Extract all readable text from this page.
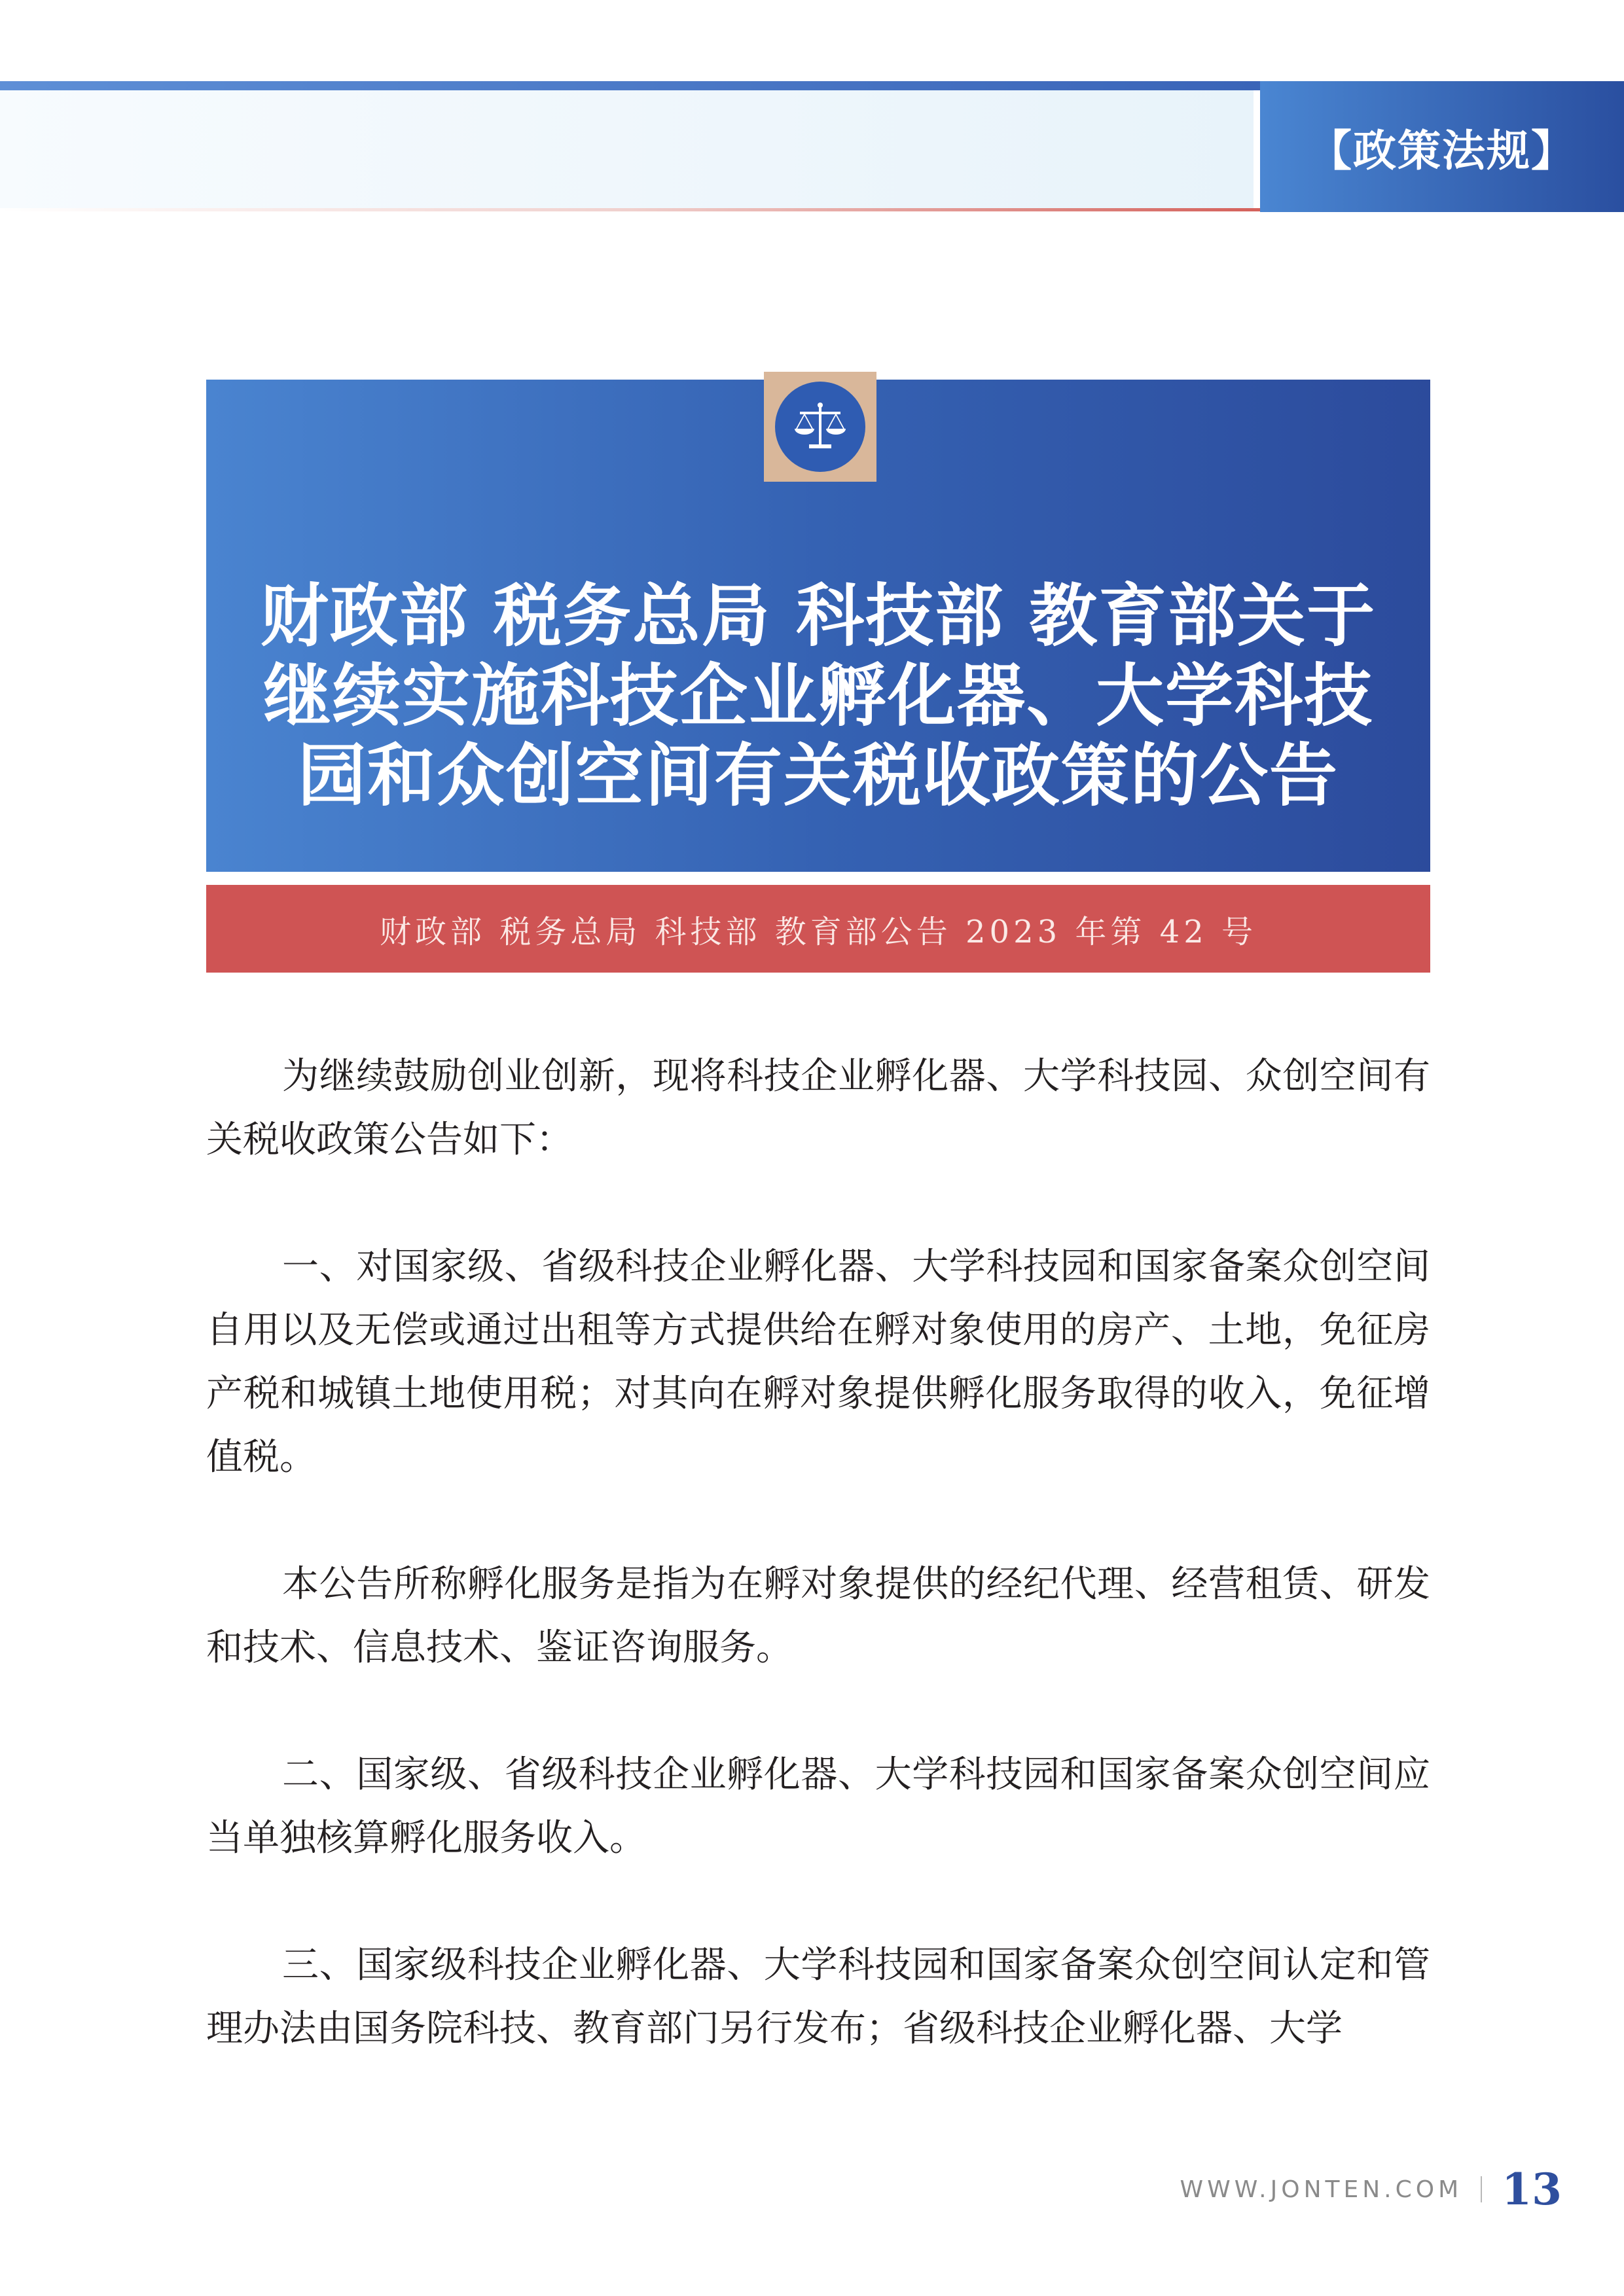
【政策法规】
财政部 税务总局 科技部 教育部关于
继续实施科技企业孵化器、大学科技
园和众创空间有关税收政策的公告
财政部 税务总局 科技部 教育部公告 2023 年第 42 号

为继续鼓励创业创新，现将科技企业孵化器、大学科技园、众创空间有关税收政策公告如下：

一、对国家级、省级科技企业孵化器、大学科技园和国家备案众创空间自用以及无偿或通过出租等方式提供给在孵对象使用的房产、土地，免征房产税和城镇土地使用税；对其向在孵对象提供孵化服务取得的收入，免征增值税。

本公告所称孵化服务是指为在孵对象提供的经纪代理、经营租赁、研发和技术、信息技术、鉴证咨询服务。

二、国家级、省级科技企业孵化器、大学科技园和国家备案众创空间应当单独核算孵化服务收入。

三、国家级科技企业孵化器、大学科技园和国家备案众创空间认定和管理办法由国务院科技、教育部门另行发布；省级科技企业孵化器、大学

WWW.JONTEN.COM 13
